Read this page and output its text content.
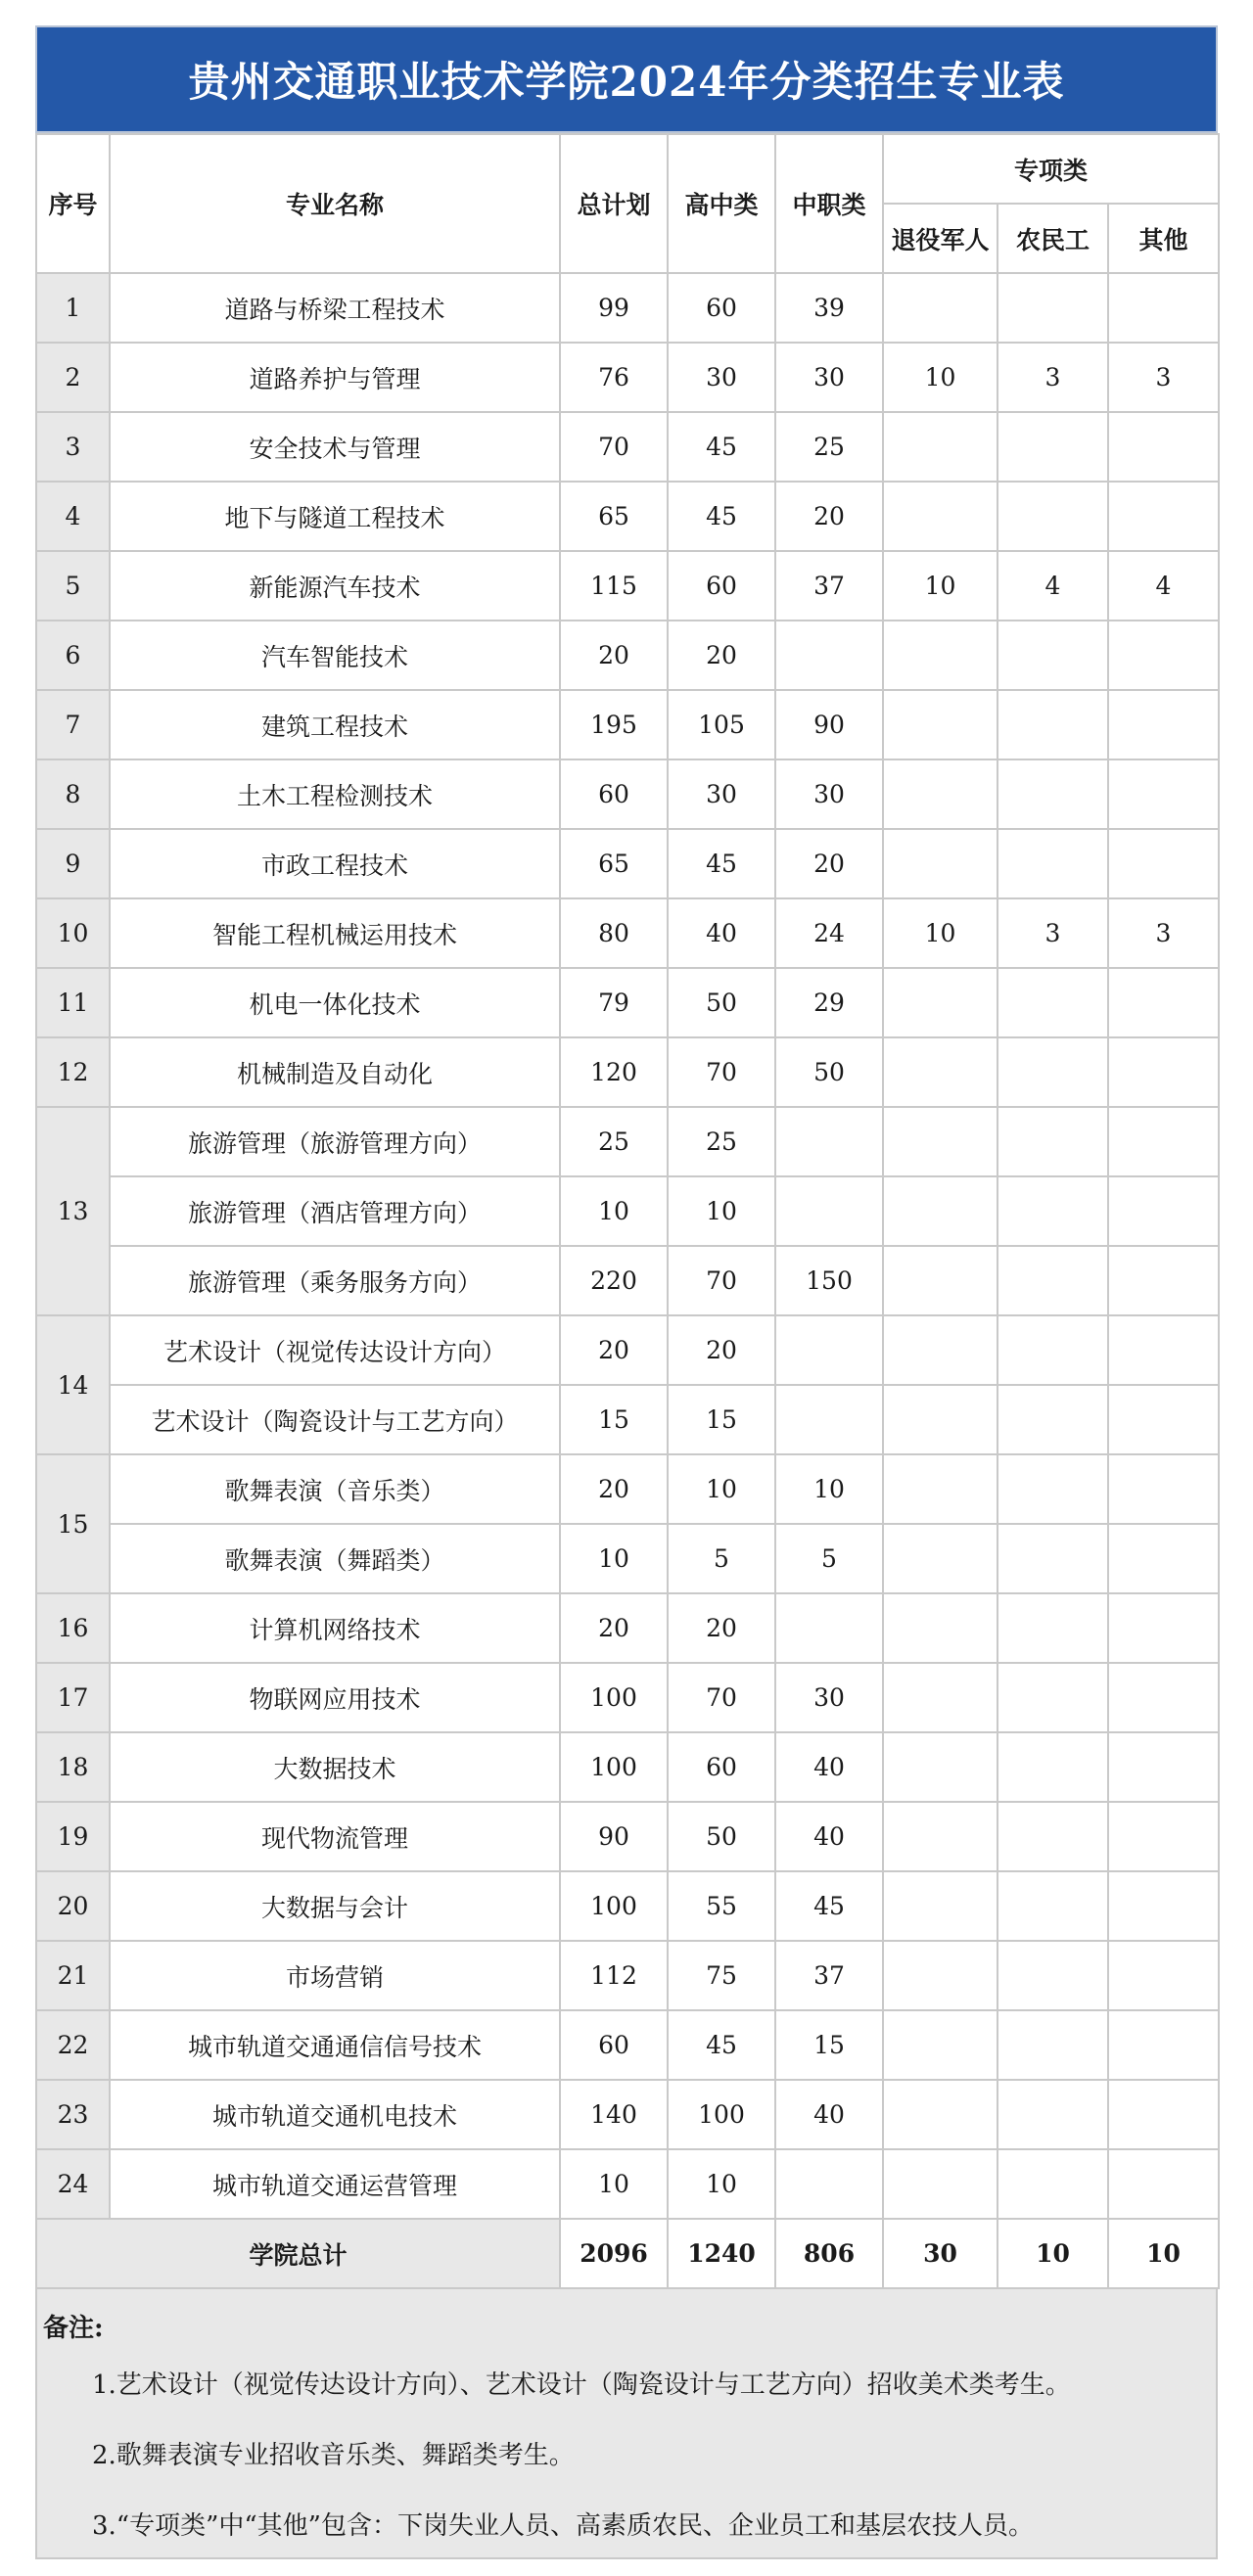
贵州交通职业技术学院2024年分类招生专业表
序号	专业名称	总计划	高中类	中职类	专项类		
					退役军人	农民工	其他
1	道路与桥梁工程技术	99	60	39			
2	道路养护与管理	76	30	30	10	3	3
3	安全技术与管理	70	45	25			
4	地下与隧道工程技术	65	45	20			
5	新能源汽车技术	115	60	37	10	4	4
6	汽车智能技术	20	20				
7	建筑工程技术	195	105	90			
8	土木工程检测技术	60	30	30			
9	市政工程技术	65	45	20			
10	智能工程机械运用技术	80	40	24	10	3	3
11	机电一体化技术	79	50	29			
12	机械制造及自动化	120	70	50			
13	旅游管理（旅游管理方向）	25	25				
	旅游管理（酒店管理方向）	10	10				
	旅游管理（乘务服务方向）	220	70	150			
14	艺术设计（视觉传达设计方向）	20	20				
	艺术设计（陶瓷设计与工艺方向）	15	15				
15	歌舞表演（音乐类）	20	10	10			
	歌舞表演（舞蹈类）	10	5	5			
16	计算机网络技术	20	20				
17	物联网应用技术	100	70	30			
18	大数据技术	100	60	40			
19	现代物流管理	90	50	40			
20	大数据与会计	100	55	45			
21	市场营销	112	75	37			
22	城市轨道交通通信信号技术	60	45	15			
23	城市轨道交通机电技术	140	100	40			
24	城市轨道交通运营管理	10	10				
学院总计		2096	1240	806	30	10	10
备注:
1.艺术设计（视觉传达设计方向）、艺术设计（陶瓷设计与工艺方向）招收美术类考生。
2.歌舞表演专业招收音乐类、舞蹈类考生。
3.“专项类”中“其他”包含：下岗失业人员、高素质农民、企业员工和基层农技人员。
